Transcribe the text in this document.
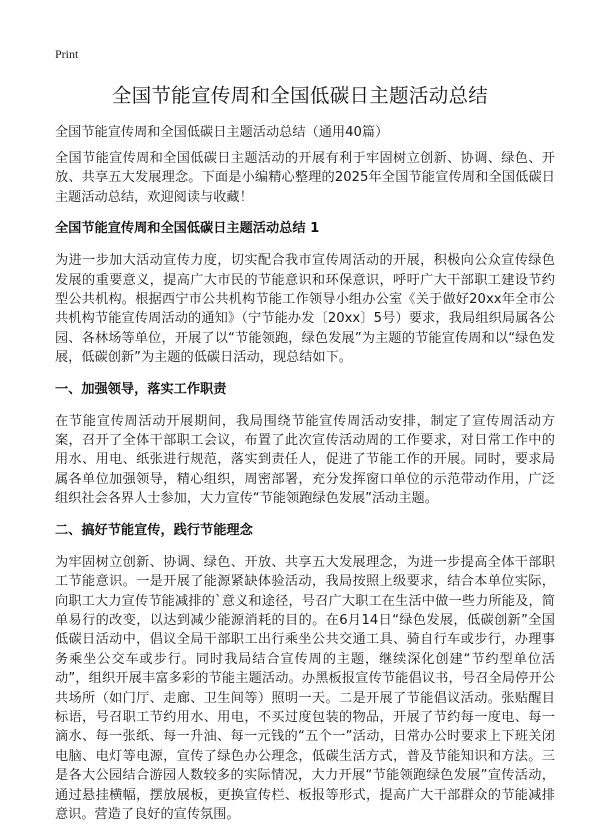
Print
全国节能宣传周和全国低碳日主题活动总结
全国节能宣传周和全国低碳日主题活动总结（通用40篇）

全国节能宣传周和全国低碳日主题活动的开展有利于牢固树立创新、协调、绿色、开放、共享五大发展理念。下面是小编精心整理的2025年全国节能宣传周和全国低碳日主题活动总结，欢迎阅读与收藏！

全国节能宣传周和全国低碳日主题活动总结 1

为进一步加大活动宣传力度，切实配合我市宣传周活动的开展，积极向公众宣传绿色发展的重要意义，提高广大市民的节能意识和环保意识，呼吁广大干部职工建设节约型公共机构。根据西宁市公共机构节能工作领导小组办公室《关于做好20xx年全市公共机构节能宣传周活动的通知》（宁节能办发〔20xx〕5号）要求，我局组织局属各公园、各林场等单位，开展了以“节能领跑，绿色发展”为主题的节能宣传周和以“绿色发展，低碳创新”为主题的低碳日活动，现总结如下。

一、加强领导，落实工作职责

在节能宣传周活动开展期间，我局围绕节能宣传周活动安排，制定了宣传周活动方案，召开了全体干部职工会议，布置了此次宣传活动周的工作要求，对日常工作中的用水、用电、纸张进行规范，落实到责任人，促进了节能工作的开展。同时，要求局属各单位加强领导，精心组织，周密部署，充分发挥窗口单位的示范带动作用，广泛组织社会各界人士参加，大力宣传“节能领跑绿色发展”活动主题。

二、搞好节能宣传，践行节能理念

为牢固树立创新、协调、绿色、开放、共享五大发展理念，为进一步提高全体干部职工节能意识。一是开展了能源紧缺体验活动，我局按照上级要求，结合本单位实际，向职工大力宣传节能减排的`意义和途径，号召广大职工在生活中做一些力所能及，简单易行的改变，以达到减少能源消耗的目的。在6月14日“绿色发展，低碳创新”全国低碳日活动中，倡议全局干部职工出行乘坐公共交通工具、骑自行车或步行，办理事务乘坐公交车或步行。同时我局结合宣传周的主题，继续深化创建“节约型单位活动”，组织开展丰富多彩的节能主题活动。办黑板报宣传节能倡议书，号召全局停开公共场所（如门厅、走廊、卫生间等）照明一天。二是开展了节能倡议活动。张贴醒目标语，号召职工节约用水、用电，不买过度包装的物品，开展了节约每一度电、每一滴水、每一张纸、每一升油、每一元钱的“五个一”活动，日常办公时要求上下班关闭电脑、电灯等电源，宣传了绿色办公理念，低碳生活方式，普及节能知识和方法。三是各大公园结合游园人数较多的实际情况，大力开展“节能领跑绿色发展”宣传活动，通过悬挂横幅，摆放展板，更换宣传栏、板报等形式，提高广大干部群众的节能减排意识。营造了良好的宣传氛围。
